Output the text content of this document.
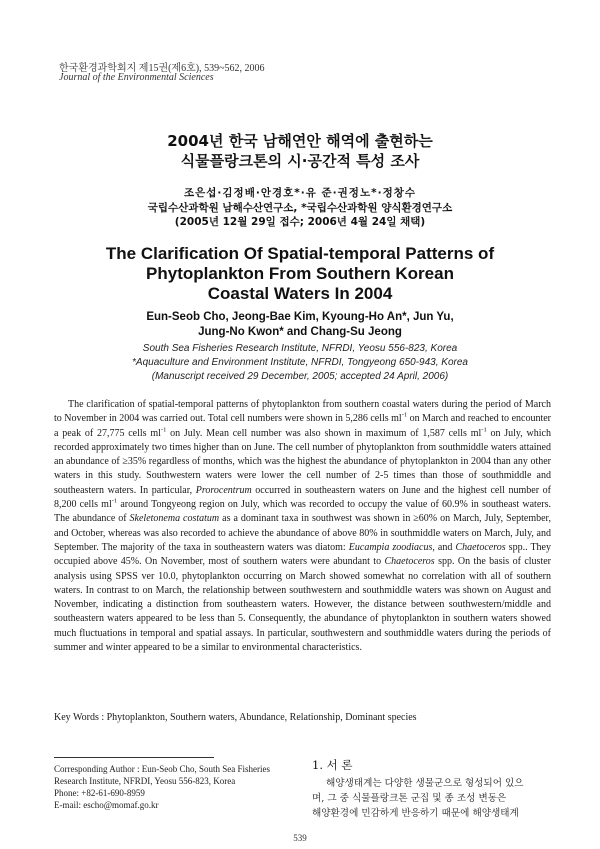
한국환경과학회지 제15권(제6호), 539~562, 2006
Journal of the Environmental Sciences
2004년 한국 남해연안 해역에 출현하는
식물플랑크톤의 시·공간적 특성 조사
조은섭·김정배·안경호*·유 준·권정노*·정창수
국립수산과학원 남해수산연구소, *국립수산과학원 양식환경연구소
(2005년 12월 29일 접수; 2006년 4월 24일 채택)
The Clarification Of Spatial-temporal Patterns of
Phytoplankton From Southern Korean
Coastal Waters In 2004
Eun-Seob Cho, Jeong-Bae Kim, Kyoung-Ho An*, Jun Yu,
Jung-No Kwon* and Chang-Su Jeong
South Sea Fisheries Research Institute, NFRDI, Yeosu 556-823, Korea
*Aquaculture and Environment Institute, NFRDI, Tongyeong 650-943, Korea
(Manuscript received 29 December, 2005; accepted 24 April, 2006)
The clarification of spatial-temporal patterns of phytoplankton from southern coastal waters during the period of March to November in 2004 was carried out. Total cell numbers were shown in 5,286 cells $ml^{-1}$ on March and reached to encounter a peak of 27,775 cells $ml^{-1}$ on July. Mean cell number was also shown in maximum of 1,587 cells $ml^{-1}$ on July, which recorded approximately two times higher than on June. The cell number of phytoplankton from southmiddle waters attained an abundance of ≥35% regardless of months, which was the highest the abundance of phytoplankton in 2004 than any other waters in this study. Southwestern waters were lower the cell number of 2-5 times than those of southmiddle and southeastern waters. In particular, Prorocentrum occurred in southeastern waters on June and the highest cell number of 8,200 cells $ml^{-1}$ around Tongyeong region on July, which was recorded to occupy the value of 60.9% in southeast waters. The abundance of Skeletonema costatum as a dominant taxa in southwest was shown in ≥60% on March, July, September, and October, whereas was also recorded to achieve the abundance of above 80% in southmiddle waters on March, July, and September. The majority of the taxa in southeastern waters was diatom: Eucampia zoodiacus, and Chaetoceros spp.. They occupied above 45%. On November, most of southern waters were abundant to Chaetoceros spp. On the basis of cluster analysis using SPSS ver 10.0, phytoplankton occurring on March showed somewhat no correlation with all of southern waters. In contrast to on March, the relationship between southwestern and southmiddle waters was shown on August and November, indicating a distinction from southeastern waters. However, the distance between southwestern/middle and southeastern waters appeared to be less than 5. Consequently, the abundance of phytoplankton in southern waters showed much fluctuations in temporal and spatial assays. In particular, southwestern and southmiddle waters during the periods of summer and winter appeared to be a similar to environmental characteristics.
Key Words : Phytoplankton, Southern waters, Abundance, Relationship, Dominant species
Corresponding Author : Eun-Seob Cho, South Sea Fisheries
Research Institute, NFRDI, Yeosu 556-823, Korea
Phone: +82-61-690-8959
E-mail: escho@momaf.go.kr
1. 서 론
해양생태계는 다양한 생물군으로 형성되어 있으
며, 그 중 식물플랑크톤 군집 및 종 조성 변동은
해양환경에 민감하게 반응하기 때문에 해양생태계
539
